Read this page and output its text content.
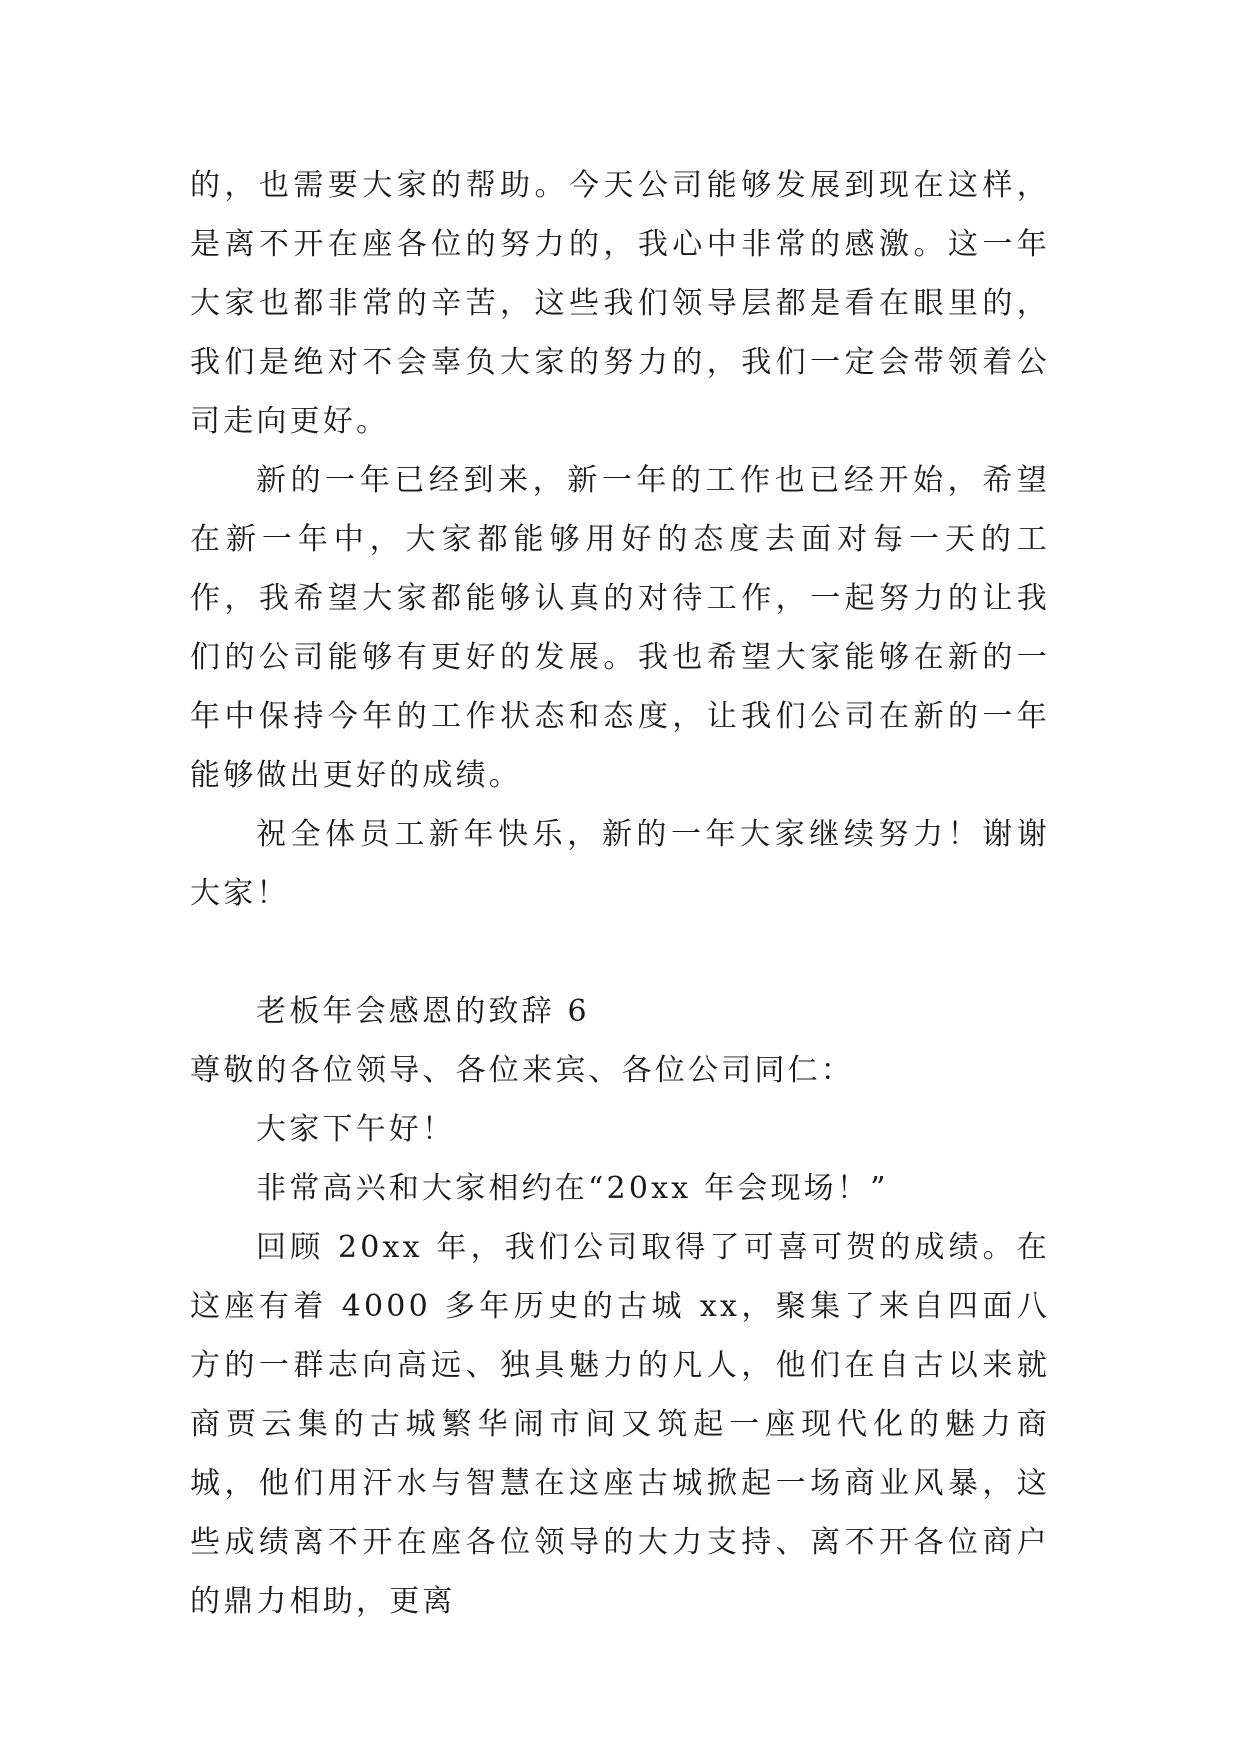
的，也需要大家的帮助。今天公司能够发展到现在这样，是离不开在座各位的努力的，我心中非常的感激。这一年大家也都非常的辛苦，这些我们领导层都是看在眼里的，我们是绝对不会辜负大家的努力的，我们一定会带领着公司走向更好。

新的一年已经到来，新一年的工作也已经开始，希望在新一年中，大家都能够用好的态度去面对每一天的工作，我希望大家都能够认真的对待工作，一起努力的让我们的公司能够有更好的发展。我也希望大家能够在新的一年中保持今年的工作状态和态度，让我们公司在新的一年能够做出更好的成绩。

祝全体员工新年快乐，新的一年大家继续努力！谢谢大家！

老板年会感恩的致辞 6

尊敬的各位领导、各位来宾、各位公司同仁：

大家下午好！

非常高兴和大家相约在“20xx 年会现场！”

回顾 20xx 年，我们公司取得了可喜可贺的成绩。在这座有着 4000 多年历史的古城 xx，聚集了来自四面八方的一群志向高远、独具魅力的凡人，他们在自古以来就商贾云集的古城繁华闹市间又筑起一座现代化的魅力商城，他们用汗水与智慧在这座古城掀起一场商业风暴，这些成绩离不开在座各位领导的大力支持、离不开各位商户的鼎力相助，更离
